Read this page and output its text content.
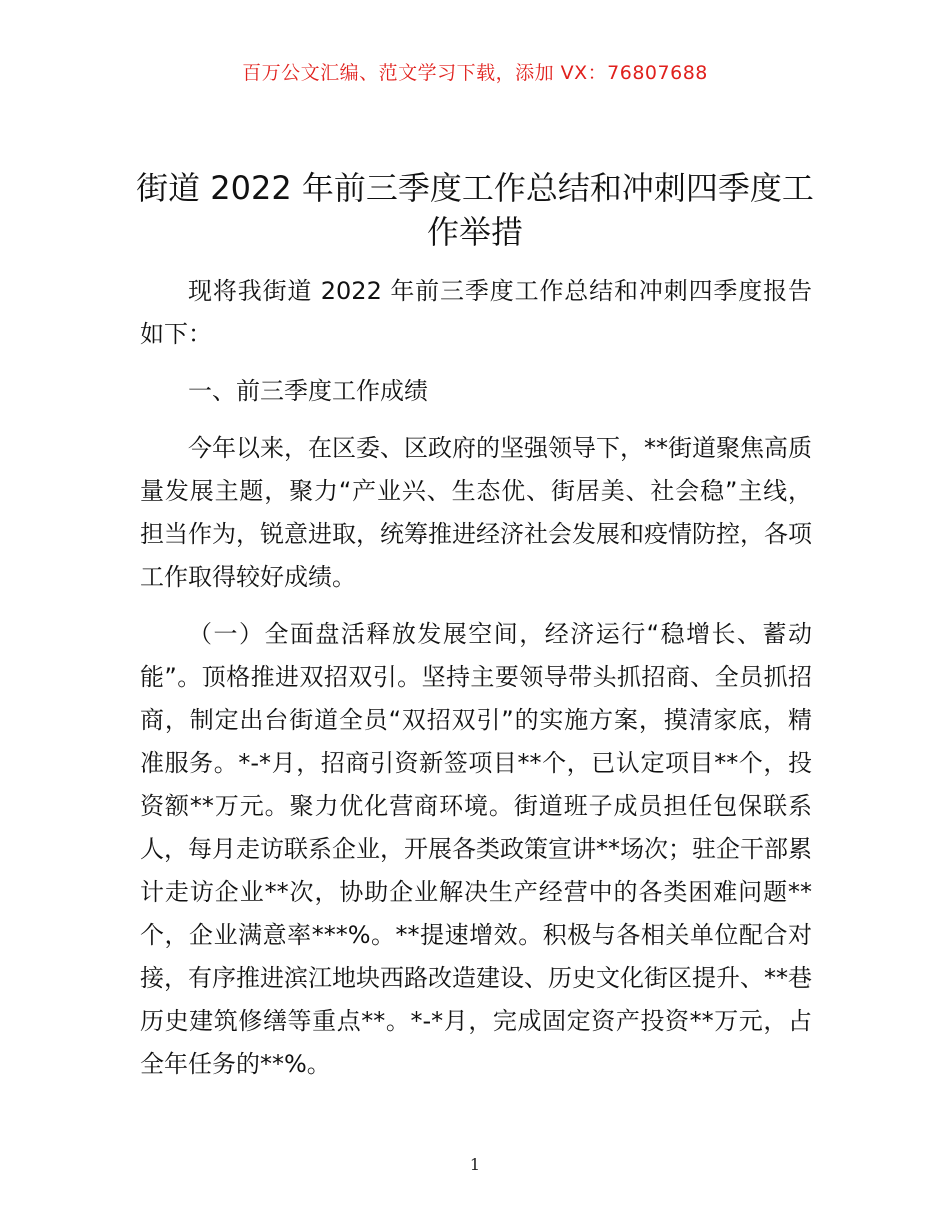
百万公文汇编、范文学习下载，添加 VX：76807688
街道 2022 年前三季度工作总结和冲刺四季度工作举措

现将我街道 2022 年前三季度工作总结和冲刺四季度报告如下：

一、前三季度工作成绩

今年以来，在区委、区政府的坚强领导下，**街道聚焦高质量发展主题，聚力“产业兴、生态优、街居美、社会稳”主线，担当作为，锐意进取，统筹推进经济社会发展和疫情防控，各项工作取得较好成绩。

（一）全面盘活释放发展空间，经济运行“稳增长、蓄动能”。顶格推进双招双引。坚持主要领导带头抓招商、全员抓招商，制定出台街道全员“双招双引”的实施方案，摸清家底，精准服务。*-*月，招商引资新签项目**个，已认定项目**个，投资额**万元。聚力优化营商环境。街道班子成员担任包保联系人，每月走访联系企业，开展各类政策宣讲**场次；驻企干部累计走访企业**次，协助企业解决生产经营中的各类困难问题**个，企业满意率***%。**提速增效。积极与各相关单位配合对接，有序推进滨江地块西路改造建设、历史文化街区提升、**巷历史建筑修缮等重点**。*-*月，完成固定资产投资**万元，占全年任务的**%。

1
